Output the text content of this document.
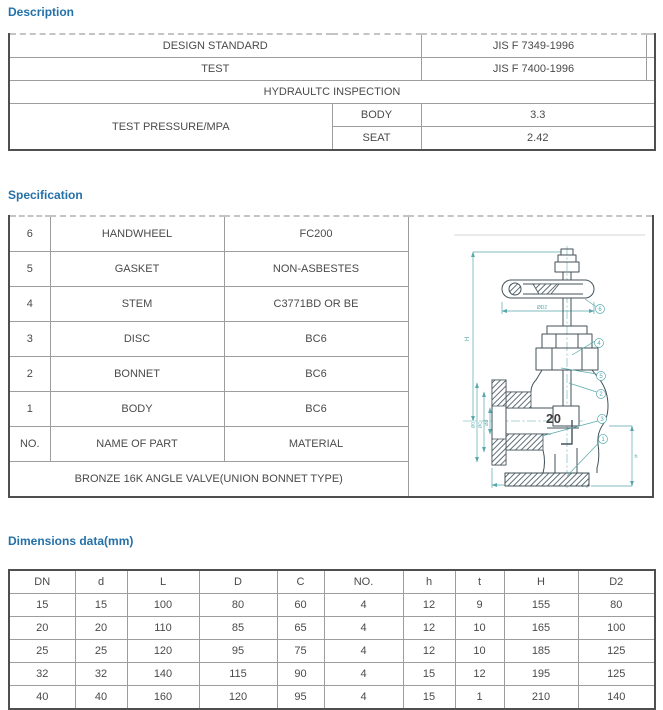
Description
DESIGN STANDARD		JIS F 7349-1996	
TEST		JIS F 7400-1996	
HYDRAULTC INSPECTION			
TEST PRESSURE/MPA	BODY	3.3	
	SEAT	2.42	
Specification
6	HANDWHEEL	FC200	
H
ØD2
ØD ØC Ød
h
20
6
4
5
2
3
1

5	GASKET	NON-ASBESTES	
4	STEM	C3771BD OR BE	
3	DISC	BC6	
2	BONNET	BC6	
1	BODY	BC6	
NO.	NAME OF PART	MATERIAL	
BRONZE 16K ANGLE VALVE(UNION BONNET TYPE)			
Dimensions data(mm)
DN	d	L	D	C	NO.	h	t	H	D2
15	15	100	80	60	4	12	9	155	80
20	20	110	85	65	4	12	10	165	100
25	25	120	95	75	4	12	10	185	125
32	32	140	115	90	4	15	12	195	125
40	40	160	120	95	4	15	1	210	140
